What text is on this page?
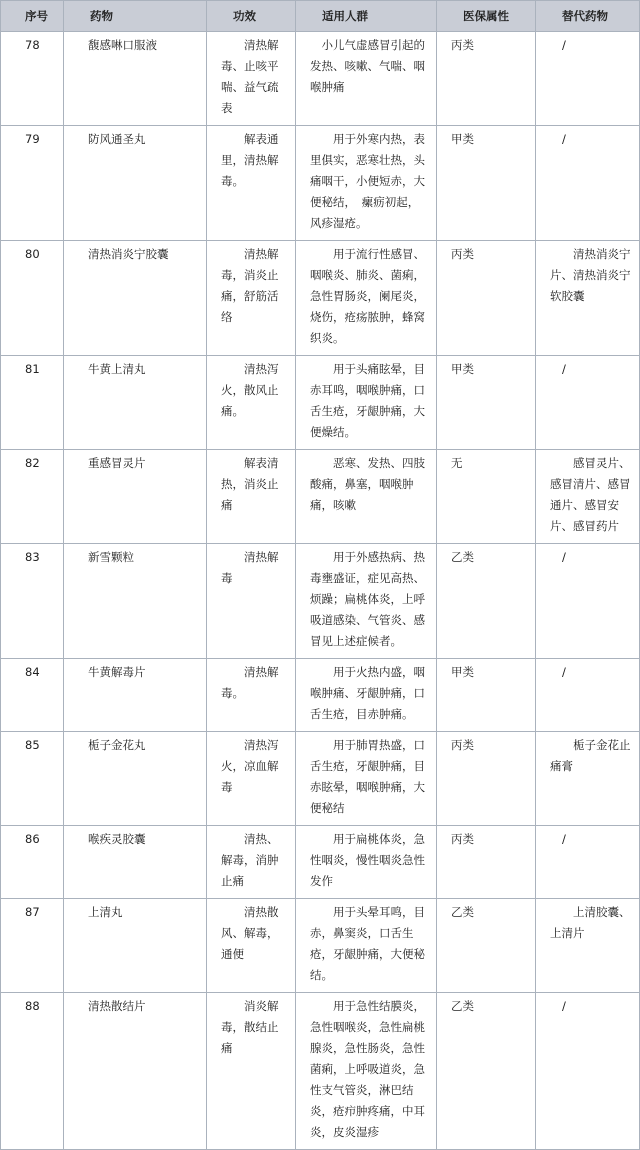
序号	药物	功效	适用人群	医保属性	替代药物
78	馥感啉口服液	　　清热解毒、止咳平喘、益气疏表	　小儿气虚感冒引起的发热、咳嗽、气喘、咽喉肿痛	丙类	/
79	防风通圣丸	　　解表通里，清热解毒。	　　用于外寒内热，表里俱实，恶寒壮热，头痛咽干，小便短赤，大便秘结，　瘰疬初起，风疹湿疮。	甲类	/
80	清热消炎宁胶囊	　　清热解毒，消炎止痛，舒筋活络	　　用于流行性感冒、咽喉炎、肺炎、菌痢，急性胃肠炎，阑尾炎，烧伤，疮疡脓肿，蜂窝织炎。	丙类	　　清热消炎宁片、清热消炎宁软胶囊
81	牛黄上清丸	　　清热泻火，散风止痛。	　　用于头痛眩晕，目赤耳鸣，咽喉肿痛，口舌生疮，牙龈肿痛，大便燥结。	甲类	/
82	重感冒灵片	　　解表清热，消炎止痛	　　恶寒、发热、四肢酸痛，鼻塞，咽喉肿痛，咳嗽	无	　　感冒灵片、感冒清片、感冒通片、感冒安片、感冒药片
83	新雪颗粒	　　清热解毒	　　用于外感热病、热毒壅盛证，症见高热、烦躁；扁桃体炎，上呼吸道感染、气管炎、感冒见上述症候者。	乙类	/
84	牛黄解毒片	　　清热解毒。	　　用于火热内盛，咽喉肿痛、牙龈肿痛，口舌生疮，目赤肿痛。	甲类	/
85	栀子金花丸	　　清热泻火，凉血解毒	　　用于肺胃热盛，口舌生疮，牙龈肿痛，目赤眩晕，咽喉肿痛，大便秘结	丙类	　　栀子金花止痛膏
86	喉疾灵胶囊	　　清热、解毒，消肿止痛	　　用于扁桃体炎，急性咽炎，慢性咽炎急性发作	丙类	/
87	上清丸	　　清热散风、解毒，通便	　　用于头晕耳鸣，目赤，鼻窦炎，口舌生疮，牙龈肿痛，大便秘结。	乙类	　　上清胶囊、上清片
88	清热散结片	　　消炎解毒，散结止痛	　　用于急性结膜炎，急性咽喉炎，急性扁桃腺炎，急性肠炎，急性菌痢，上呼吸道炎，急性支气管炎，淋巴结炎，疮疖肿疼痛，中耳炎，皮炎湿疹	乙类	/
